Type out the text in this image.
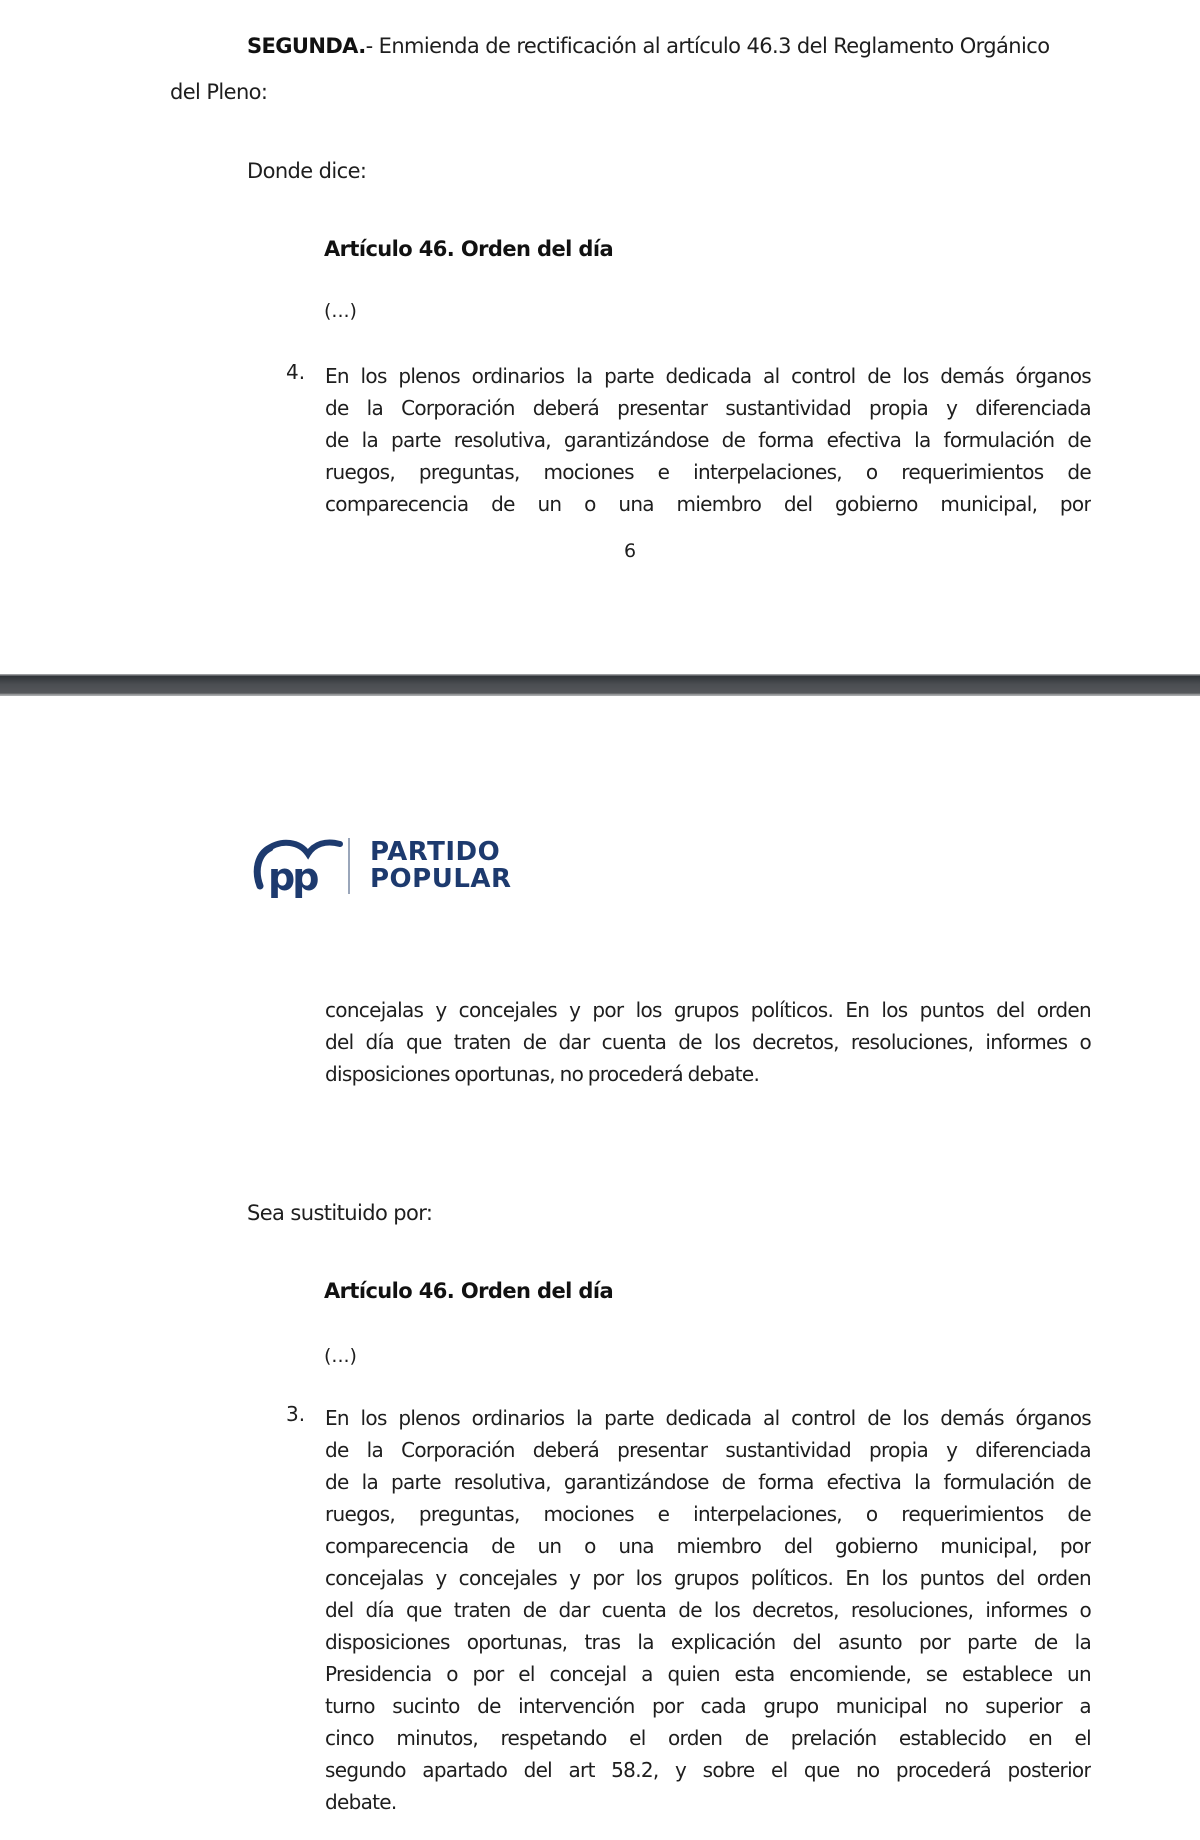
SEGUNDA.- Enmienda de rectificación al artículo 46.3 del Reglamento Orgánico
del Pleno:
Donde dice:
Artículo 46. Orden del día
(...)
4. En los plenos ordinarios la parte dedicada al control de los demás órganos
de la Corporación deberá presentar sustantividad propia y diferenciada
de la parte resolutiva, garantizándose de forma efectiva la formulación de
ruegos, preguntas, mociones e interpelaciones, o requerimientos de
comparecencia de un o una miembro del gobierno municipal, por
6
pp
PARTIDO
POPULAR
concejalas y concejales y por los grupos políticos. En los puntos del orden
del día que traten de dar cuenta de los decretos, resoluciones, informes o
disposiciones oportunas, no procederá debate.
Sea sustituido por:
Artículo 46. Orden del día
(...)
3. En los plenos ordinarios la parte dedicada al control de los demás órganos
de la Corporación deberá presentar sustantividad propia y diferenciada
de la parte resolutiva, garantizándose de forma efectiva la formulación de
ruegos, preguntas, mociones e interpelaciones, o requerimientos de
comparecencia de un o una miembro del gobierno municipal, por
concejalas y concejales y por los grupos políticos. En los puntos del orden
del día que traten de dar cuenta de los decretos, resoluciones, informes o
disposiciones oportunas, tras la explicación del asunto por parte de la
Presidencia o por el concejal a quien esta encomiende, se establece un
turno sucinto de intervención por cada grupo municipal no superior a
cinco minutos, respetando el orden de prelación establecido en el
segundo apartado del art 58.2, y sobre el que no procederá posterior
debate.
